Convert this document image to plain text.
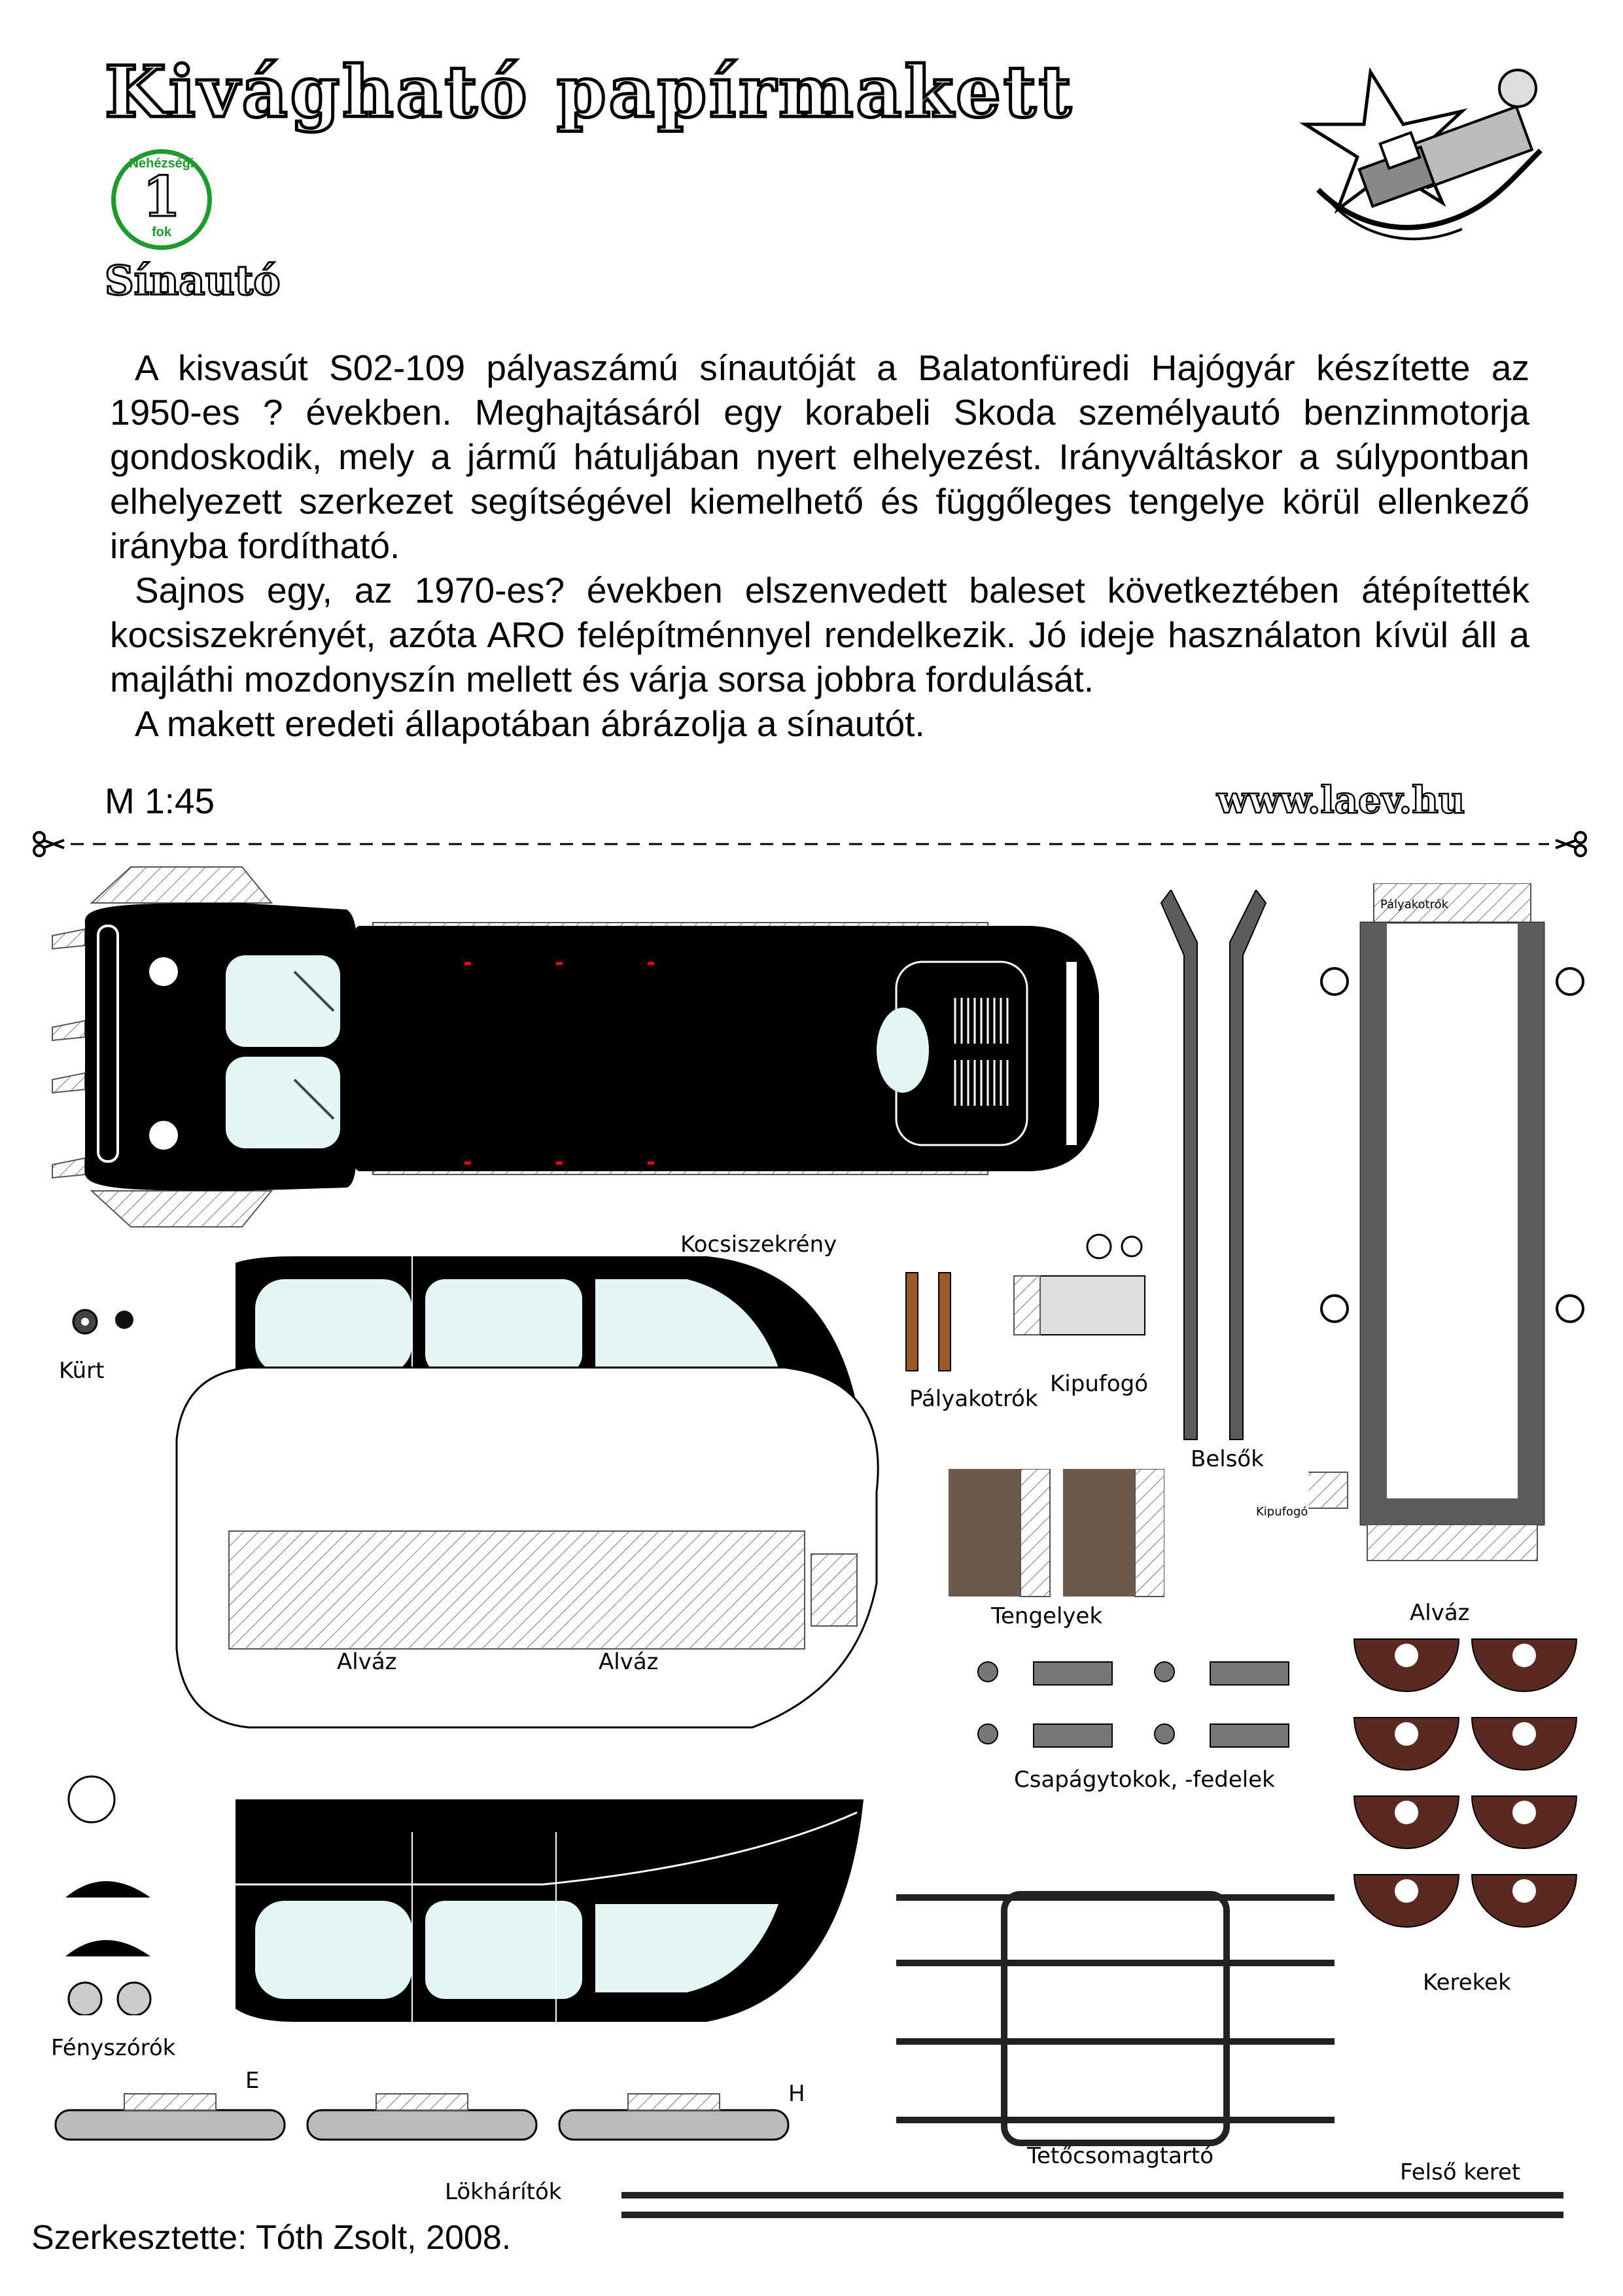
Kivágható papírmakett
Nehézségi
1
fok
Sínautó

A kisvasút S02-109 pályaszámú sínautóját a Balatonfüredi Hajógyár készítette az 1950-es ? években. Meghajtásáról egy korabeli Skoda személyautó benzinmotorja gondoskodik, mely a jármű hátuljában nyert elhelyezést. Irányváltáskor a súlypontban elhelyezett szerkezet segítségével kiemelhető és függőleges tengelye körül ellenkező irányba fordítható.

Sajnos egy, az 1970-es? években elszenvedett baleset következtében átépítették kocsiszekrényét, azóta ARO felépítménnyel rendelkezik. Jó ideje használaton kívül áll a majláthi mozdonyszín mellett és várja sorsa jobbra fordulását.

A makett eredeti állapotában ábrázolja a sínautót.

M 1:45	www.laev.hu
Kocsiszekrény
Alváz	Alváz
Kürt
Fényszórók
E	H
Lökhárítók
Belsők
Pályakotrók
Kipufogó
Alváz
Pályakotrók
Kipufogó
Tengelyek
Csapágytokok, -fedelek
Kerekek
Tetőcsomagtartó
Felső keret
Szerkesztette: Tóth Zsolt, 2008.
